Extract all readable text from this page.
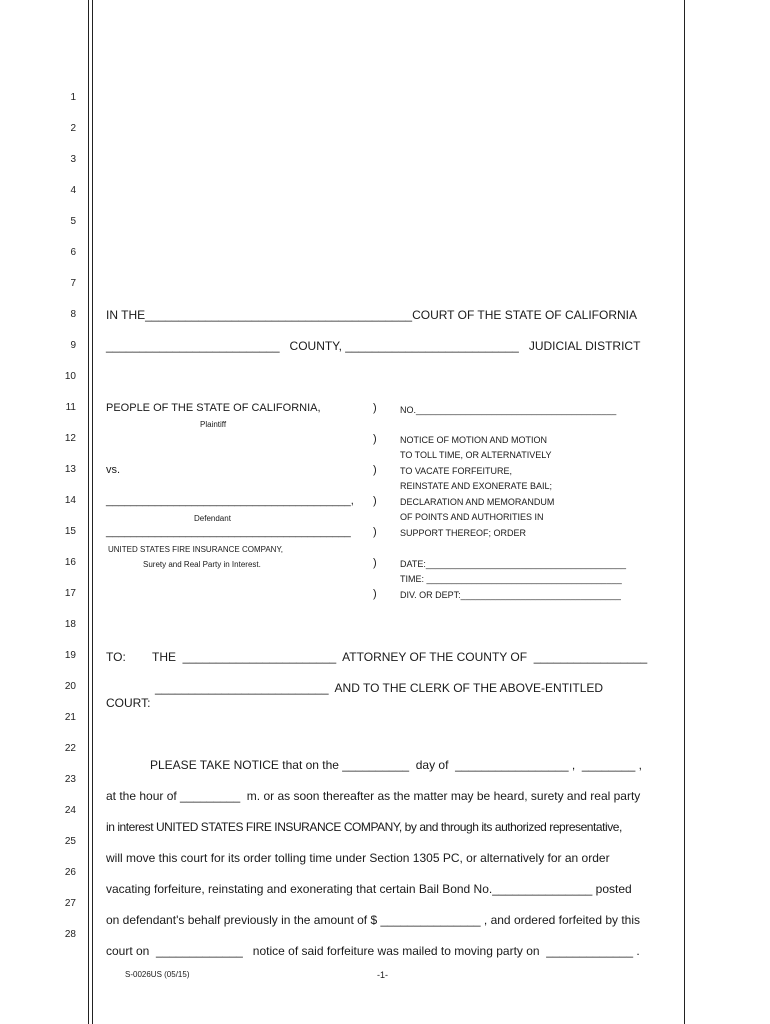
1
2
3
4
5
6
7
8
9
10
11
12
13
14
15
16
17
18
19
20
21
22
23
24
25
26
27
28
IN THE________________________________________COURT OF THE STATE OF CALIFORNIA
__________________________   COUNTY, __________________________   JUDICIAL DISTRICT
PEOPLE OF THE STATE OF CALIFORNIA,
Plaintiff
vs.
________________________________________,
Defendant
________________________________________
UNITED STATES FIRE INSURANCE COMPANY,
Surety and Real Party in Interest.
)
)
)
)
)
)
)
NO.________________________________________
NOTICE OF MOTION AND MOTION
TO TOLL TIME, OR ALTERNATIVELY
TO VACATE FORFEITURE,
REINSTATE AND EXONERATE BAIL;
DECLARATION AND MEMORANDUM
OF POINTS AND AUTHORITIES IN
SUPPORT THEREOF; ORDER
DATE:________________________________________
TIME: _______________________________________
DIV. OR DEPT:________________________________
TO: THE  _______________________  ATTORNEY OF THE COUNTY OF  _________________
__________________________  AND TO THE CLERK OF THE ABOVE-ENTITLED
COURT:
PLEASE TAKE NOTICE that on the __________  day of  _________________ ,  ________ ,
at the hour of _________  m. or as soon thereafter as the matter may be heard, surety and real party
in interest UNITED STATES FIRE INSURANCE COMPANY, by and through its authorized representative,
will move this court for its order tolling time under Section 1305 PC, or alternatively for an order
vacating forfeiture, reinstating and exonerating that certain Bail Bond No._______________ posted
on defendant's behalf previously in the amount of $ _______________ , and ordered forfeited by this
court on  _____________   notice of said forfeiture was mailed to moving party on  _____________ .
S-0026US (05/15)	-1-
